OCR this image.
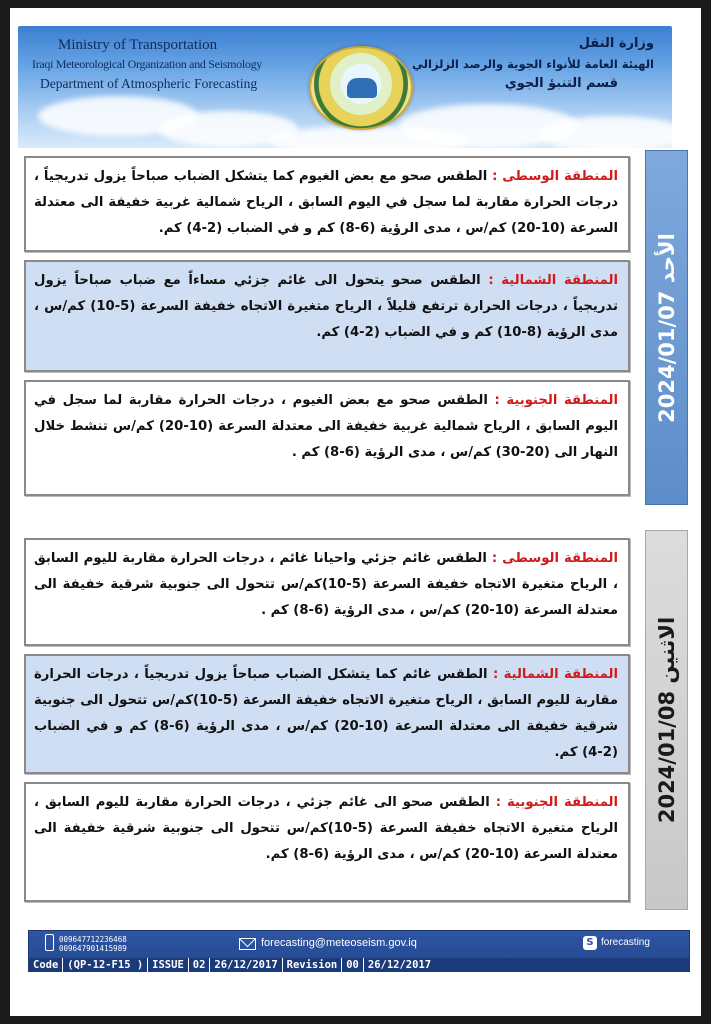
Ministry of Transportation
Iraqi Meteorological Organization and Seismology
Department of Atmospheric Forecasting
وزارة النقل
الهيئة العامة للأنواء الجوية والرصد الزلزالي
قسم التنبؤ الجوي
الأحد 2024/01/07

المنطقة الوسطى : الطقس صحو مع بعض الغيوم كما يتشكل الضباب صباحاً يزول تدريجياً ، درجات الحرارة مقاربة لما سجل في اليوم السابق ، الرياح شمالية غربية خفيفة الى معتدلة السرعة (10-20) كم/س ، مدى الرؤية (6-8) كم و في الضباب (2-4) كم.

المنطقة الشمالية : الطقس صحو يتحول الى غائم جزئي مساءاً مع ضباب صباحاً يزول تدريجياً ، درجات الحرارة ترتفع قليلاً ، الرياح متغيرة الاتجاه خفيفة السرعة (5-10) كم/س ، مدى الرؤية (8-10) كم و في الضباب (2-4) كم.

المنطقة الجنوبية : الطقس صحو مع بعض الغيوم ، درجات الحرارة مقاربة لما سجل في اليوم السابق ، الرياح شمالية غربية خفيفة الى معتدلة السرعة (10-20) كم/س تنشط خلال النهار الى (20-30) كم/س ، مدى الرؤية (6-8) كم .

الاثنين 2024/01/08

المنطقة الوسطى : الطقس غائم جزئي واحيانا غائم ، درجات الحرارة مقاربة لليوم السابق ، الرياح متغيرة الاتجاه خفيفة السرعة (5-10)كم/س تتحول الى جنوبية شرقية خفيفة الى معتدلة السرعة (10-20) كم/س ، مدى الرؤية (6-8) كم .

المنطقة الشمالية : الطقس غائم كما يتشكل الضباب صباحاً يزول تدريجياً ، درجات الحرارة مقاربة لليوم السابق ، الرياح متغيرة الاتجاه خفيفة السرعة (5-10)كم/س تتحول الى جنوبية شرقية خفيفة الى معتدلة السرعة (10-20) كم/س ، مدى الرؤية (6-8) كم و في الضباب (2-4) كم.

المنطقة الجنوبية : الطقس صحو الى غائم جزئي ، درجات الحرارة مقاربة لليوم السابق ، الرياح متغيرة الاتجاه خفيفة السرعة (5-10)كم/س تتحول الى جنوبية شرقية خفيفة الى معتدلة السرعة (10-20) كم/س ، مدى الرؤية (6-8) كم.

009647712236468
009647901415989	forecasting@meteoseism.gov.iq	S forecasting
Code (QP-12-F15 ) ISSUE 02 26/12/2017 Revision 00 26/12/2017
